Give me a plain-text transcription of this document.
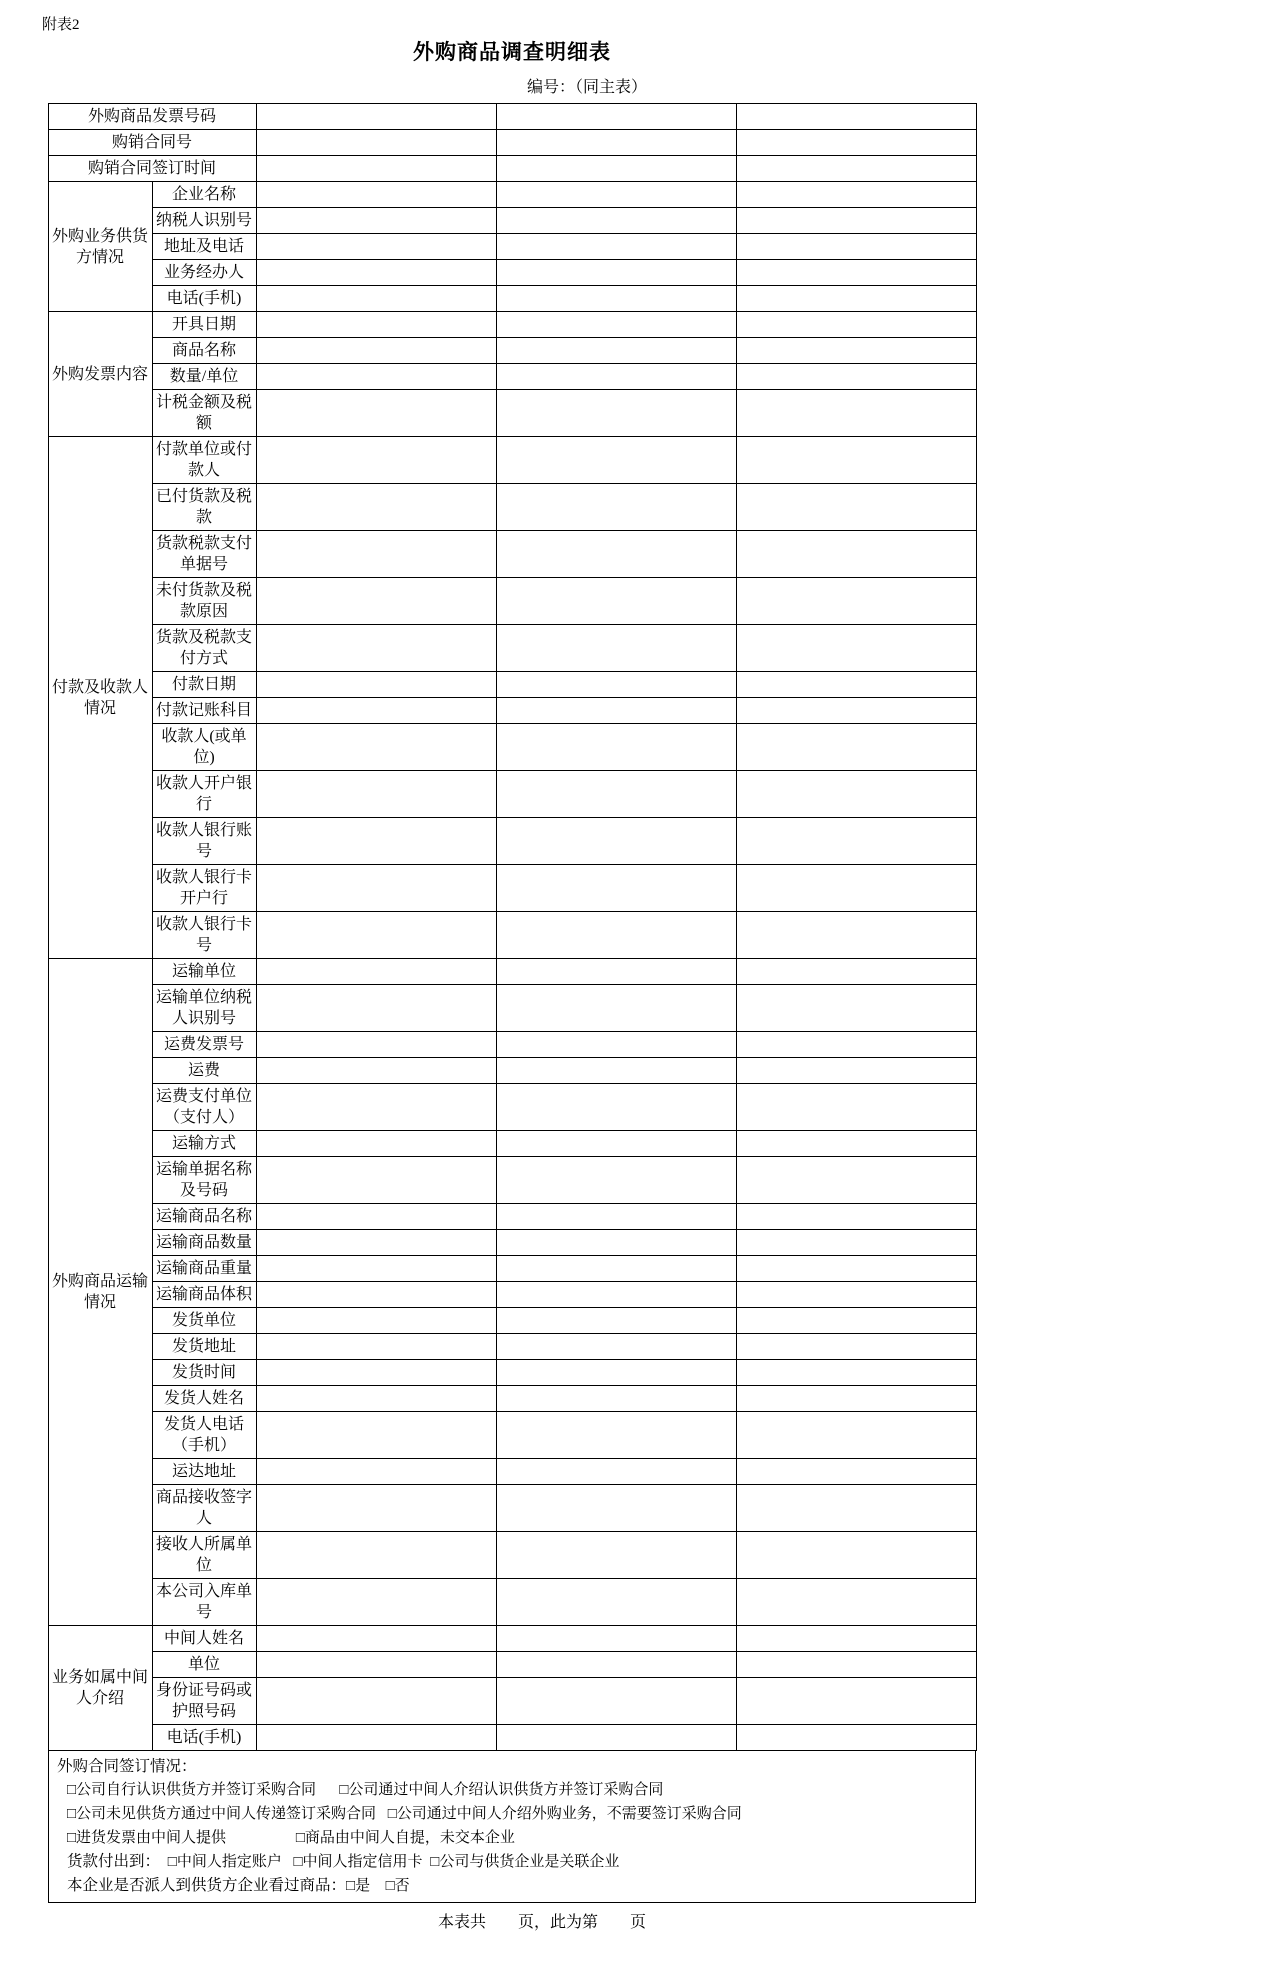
附表2
外购商品调查明细表
编号：（同主表）
外购商品发票号码				
购销合同号				
购销合同签订时间				
外购业务供货方情况	企业名称			
	纳税人识别号			
	地址及电话			
	业务经办人			
	电话(手机)			
外购发票内容	开具日期			
	商品名称			
	数量/单位			
	计税金额及税额			
付款及收款人情况	付款单位或付款人			
	已付货款及税款			
	货款税款支付单据号			
	未付货款及税款原因			
	货款及税款支付方式			
	付款日期			
	付款记账科目			
	收款人(或单位)			
	收款人开户银行			
	收款人银行账号			
	收款人银行卡开户行			
	收款人银行卡号			
外购商品运输情况	运输单位			
	运输单位纳税人识别号			
	运费发票号			
	运费			
	运费支付单位（支付人）			
	运输方式			
	运输单据名称及号码			
	运输商品名称			
	运输商品数量			
	运输商品重量			
	运输商品体积			
	发货单位			
	发货地址			
	发货时间			
	发货人姓名			
	发货人电话（手机）			
	运达地址			
	商品接收签字人			
	接收人所属单位			
	本公司入库单号			
业务如属中间人介绍	中间人姓名			
	单位			
	身份证号码或护照号码			
	电话(手机)			
外购合同签订情况：
□公司自行认识供货方并签订采购合同 □公司通过中间人介绍认识供货方并签订采购合同
□公司未见供货方通过中间人传递签订采购合同 □公司通过中间人介绍外购业务，不需要签订采购合同
□进货发票由中间人提供	□商品由中间人自提，未交本企业
货款付出到： □中间人指定账户 □中间人指定信用卡 □公司与供货企业是关联企业
本企业是否派人到供货方企业看过商品：□是 □否
本表共        页，此为第        页
